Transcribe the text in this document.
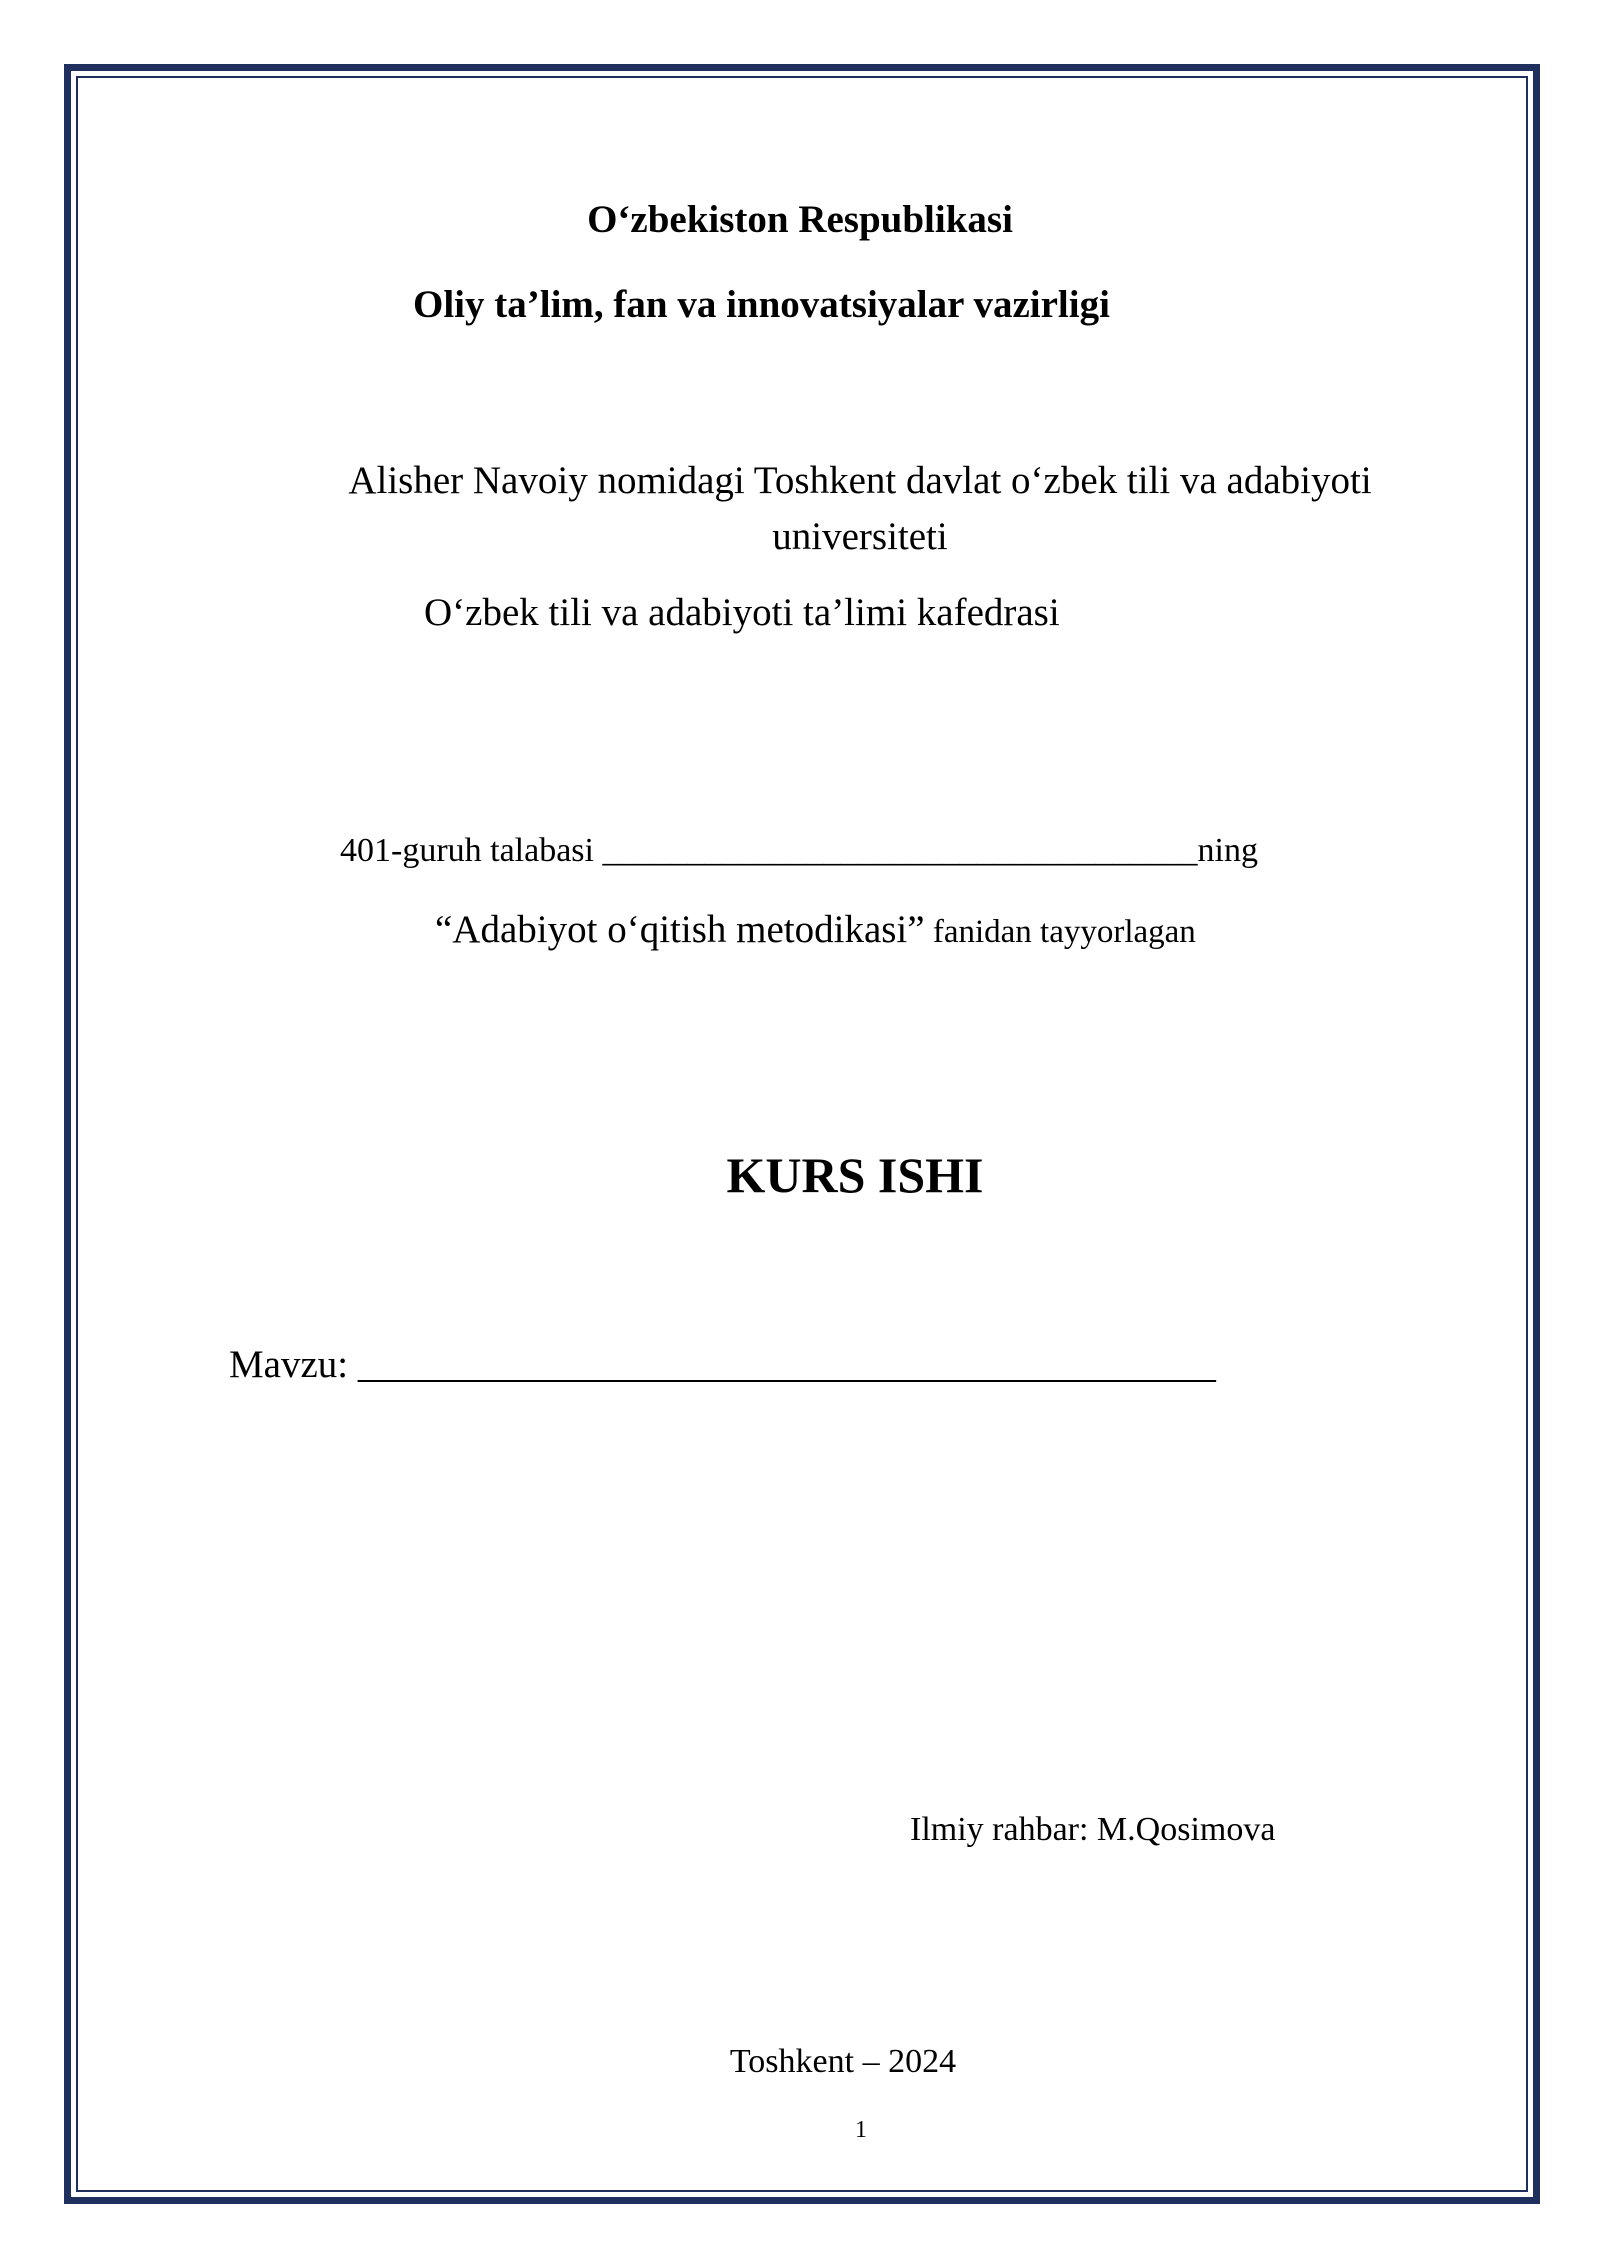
O‘zbekiston Respublikasi
Oliy ta’lim, fan va innovatsiyalar vazirligi
Alisher Navoiy nomidagi Toshkent davlat o‘zbek tili va adabiyoti universiteti
O‘zbek tili va adabiyoti ta’limi kafedrasi
401-guruh talabasi ___________________________________ning
“Adabiyot o‘qitish metodikasi” fanidan tayyorlagan
KURS ISHI
Mavzu: ____________________________________________
Ilmiy rahbar: M.Qosimova
Toshkent – 2024
1
